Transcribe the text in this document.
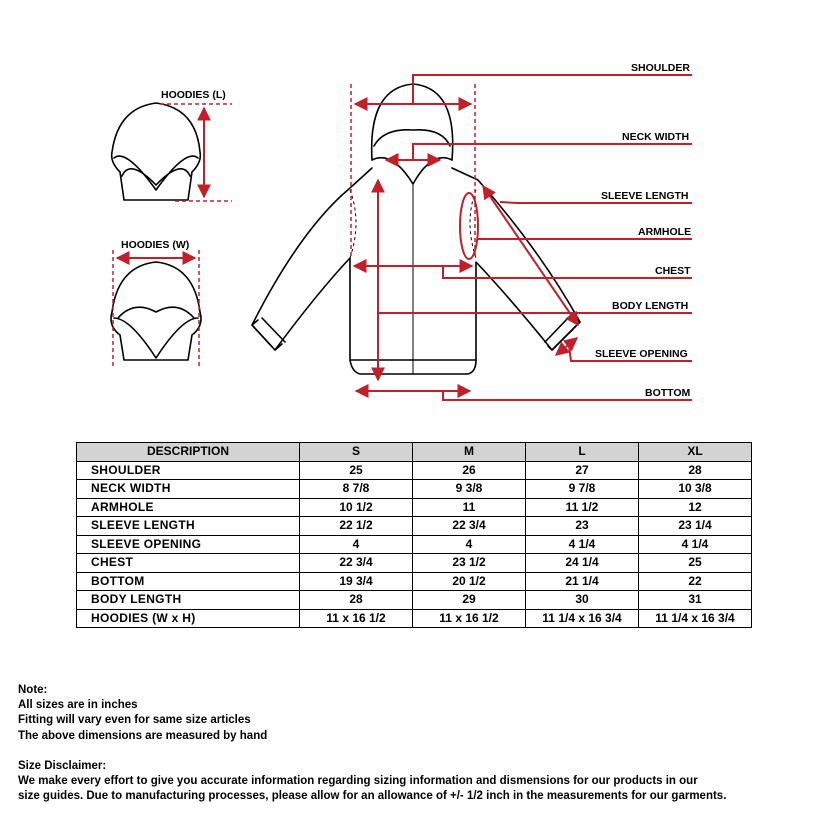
HOODIES (L)
HOODIES (W)
SHOULDER
NECK WIDTH
SLEEVE LENGTH
ARMHOLE
CHEST
BODY LENGTH
SLEEVE OPENING
BOTTOM
DESCRIPTION	S	M	L	XL
SHOULDER	25	26	27	28
NECK WIDTH	8 7/8	9 3/8	9 7/8	10 3/8
ARMHOLE	10 1/2	11	11 1/2	12
SLEEVE LENGTH	22 1/2	22 3/4	23	23 1/4
SLEEVE OPENING	4	4	4 1/4	4 1/4
CHEST	22 3/4	23 1/2	24 1/4	25
BOTTOM	19 3/4	20 1/2	21 1/4	22
BODY LENGTH	28	29	30	31
HOODIES (W x H)	11 x 16 1/2	11 x 16 1/2	11 1/4 x 16 3/4	11 1/4 x 16 3/4
Note:
All sizes are in inches
Fitting will vary even for same size articles
The above dimensions are measured by hand
Size Disclaimer:
We make every effort to give you accurate information regarding sizing information and dismensions for our products in our
size guides. Due to manufacturing processes, please allow for an allowance of +/- 1/2 inch in the measurements for our garments.
